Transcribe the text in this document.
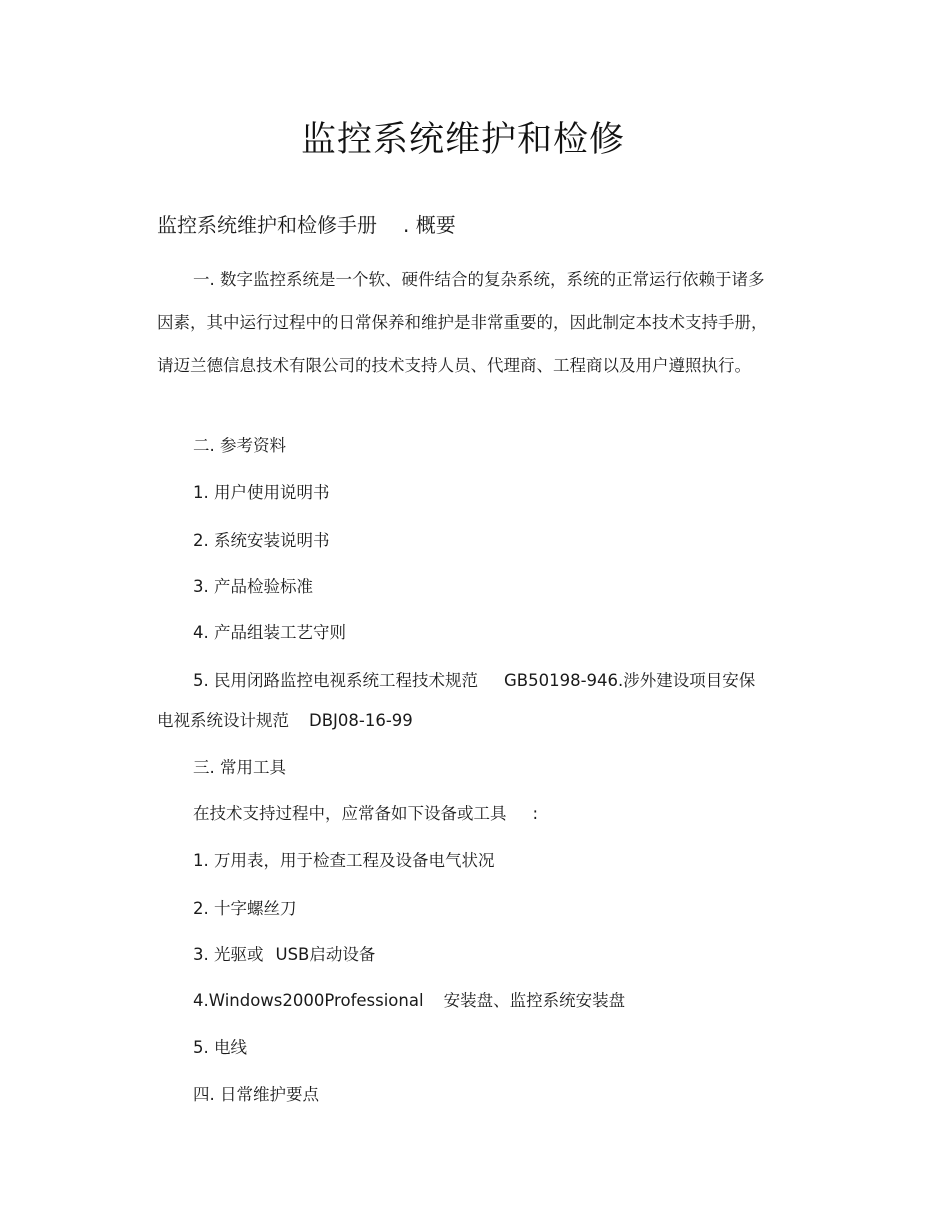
监控系统维护和检修
监控系统维护和检修手册 . 概要
一. 数字监控系统是一个软、硬件结合的复杂系统，系统的正常运行依赖于诸多因素，其中运行过程中的日常保养和维护是非常重要的，因此制定本技术支持手册，请迈兰德信息技术有限公司的技术支持人员、代理商、工程商以及用户遵照执行。
二. 参考资料
1. 用户使用说明书
2. 系统安装说明书
3. 产品检验标准
4. 产品组装工艺守则
5. 民用闭路监控电视系统工程技术规范 GB50198-946.涉外建设项目安保
电视系统设计规范 DBJ08-16-99
三. 常用工具
在技术支持过程中，应常备如下设备或工具 :
1. 万用表，用于检查工程及设备电气状况
2. 十字螺丝刀
3. 光驱或 USB启动设备
4.Windows2000Professional 安装盘、监控系统安装盘
5. 电线
四. 日常维护要点
